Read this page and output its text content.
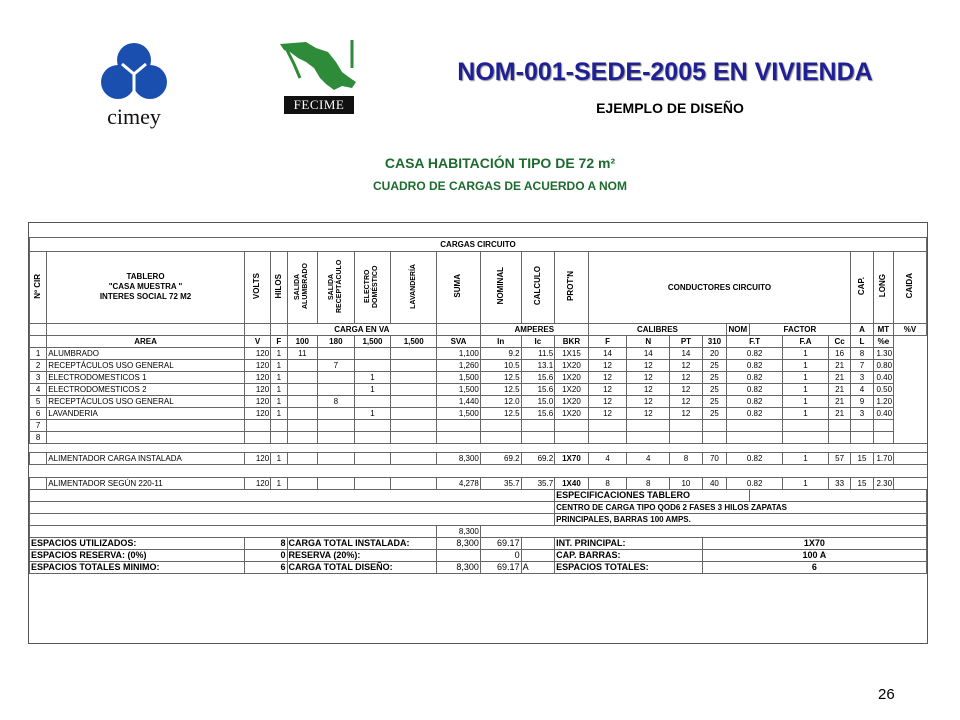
cimey	FECIME
NOM-001-SEDE-2005 EN VIVIENDA
EJEMPLO DE DISEÑO
CASA HABITACIÓN TIPO DE 72 m²
CUADRO DE CARGAS DE ACUERDO A NOM

CARGAS CIRCUITO																						
Nº CIR	TABLERO
"CASA MUESTRA "
INTERES SOCIAL 72 M2	VOLTS	HILOS	SALIDA ALUMBRADO	SALIDA RECEPTÁCULO	ELECTRO DOMÉSTICO	LAVANDERÍA	SUMA	NOMINAL	CALCULO	PROT'N	CONDUCTORES CIRCUITO								CAP.	LONG	CAIDA
				CARGA EN VA					AMPERES			CALIBRES				NOM	FACTOR			A	MT	%V
	AREA	V	F	100	180	1,500	1,500	SVA	In	Ic	BKR	F	N	PT	310	F.T		F.A	Cc	L	%e	
1	ALUMBRADO	120	1	11				1,100	9.2	11.5	1X15	14	14	14	20	0.82		1	16	8	1.30	
2	RECEPTÁCULOS USO GENERAL	120	1		7			1,260	10.5	13.1	1X20	12	12	12	25	0.82		1	21	7	0.80	
3	ELECTRODOMESTICOS 1	120	1			1		1,500	12.5	15.6	1X20	12	12	12	25	0.82		1	21	3	0.40	
4	ELECTRODOMESTICOS 2	120	1			1		1,500	12.5	15.6	1X20	12	12	12	25	0.82		1	21	4	0.50	
5	RECEPTÁCULOS USO GENERAL	120	1		8			1,440	12.0	15.0	1X20	12	12	12	25	0.82		1	21	9	1.20	
6	LAVANDERIA	120	1			1		1,500	12.5	15.6	1X20	12	12	12	25	0.82		1	21	3	0.40	
7																						
8																						

	ALIMENTADOR CARGA INSTALADA	120	1					8,300	69.2	69.2	1X70	4	4	8	70	0.82		1	57	15	1.70	

	ALIMENTADOR SEGÚN 220-11	120	1					4,278	35.7	35.7	1X40	8	8	10	40	0.82		1	33	15	2.30	
											ESPECIFICACIONES TABLERO											
											CENTRO DE CARGA TIPO QOD6 2 FASES 3 HILOS ZAPATAS											
											PRINCIPALES, BARRAS 100 AMPS.											
								8,300														
ESPACIOS UTILIZADOS:		8		CARGA TOTAL INSTALADA:				8,300	69.17		INT. PRINCIPAL:				1X70							
ESPACIOS RESERVA: (0%)		0		RESERVA (20%):					0		CAP. BARRAS:				100 A							
ESPACIOS TOTALES MINIMO:		6		CARGA TOTAL DISEÑO:				8,300	69.17	A	ESPACIOS TOTALES:				6							
26
